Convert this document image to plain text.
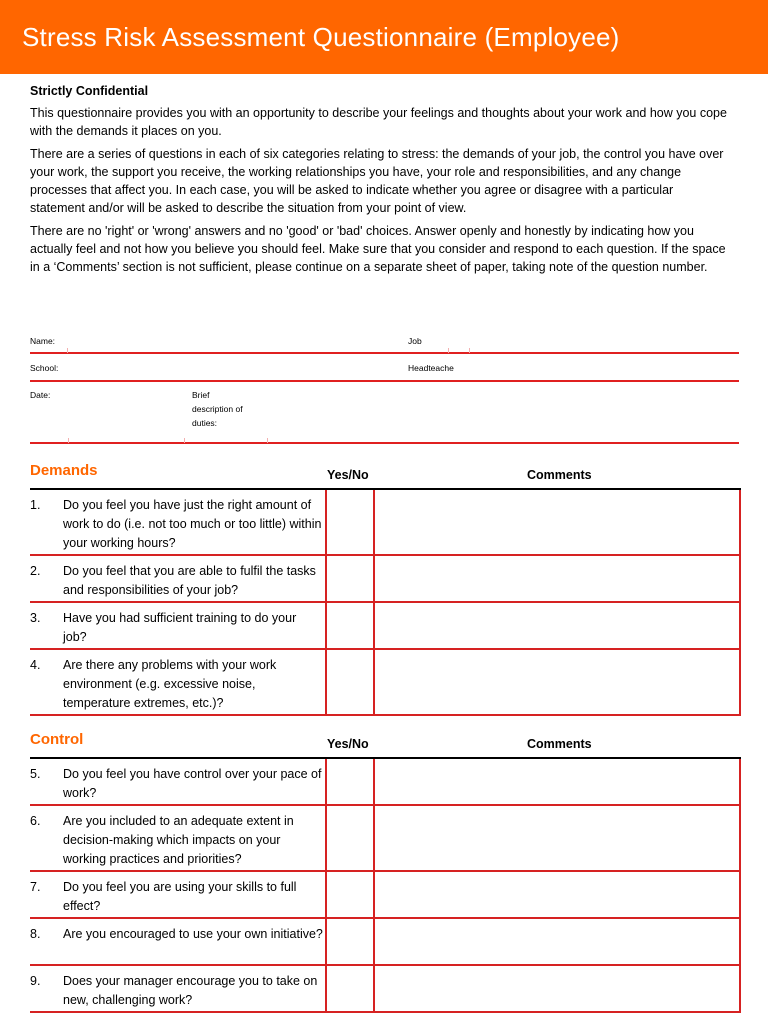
Stress Risk Assessment Questionnaire (Employee)

Strictly Confidential

This questionnaire provides you with an opportunity to describe your feelings and thoughts about your work and how you cope with the demands it places on you.

There are a series of questions in each of six categories relating to stress: the demands of your job, the control you have over your work, the support you receive, the working relationships you have, your role and responsibilities, and any change processes that affect you. In each case, you will be asked to indicate whether you agree or disagree with a particular statement and/or will be asked to describe the situation from your point of view.

There are no 'right' or 'wrong' answers and no 'good' or 'bad' choices. Answer openly and honestly by indicating how you actually feel and not how you believe you should feel. Make sure that you consider and respond to each question. If the space in a ‘Comments’ section is not sufficient, please continue on a separate sheet of paper, taking note of the question number.

Name:	Job
School:	Headteache
Date:	Brief
description of
duties:
Demands	Yes/No	Comments
1.	Do you feel you have just the right amount of work to do (i.e. not too much or too little) within your working hours?
2.	Do you feel that you are able to fulfil the tasks and responsibilities of your job?
3.	Have you had sufficient training to do your job?
4.	Are there any problems with your work environment (e.g. excessive noise, temperature extremes, etc.)?
Control	Yes/No	Comments
5.	Do you feel you have control over your pace of work?
6.	Are you included to an adequate extent in decision-making which impacts on your working practices and priorities?
7.	Do you feel you are using your skills to full effect?
8.	Are you encouraged to use your own initiative?
9.	Does your manager encourage you to take on new, challenging work?
